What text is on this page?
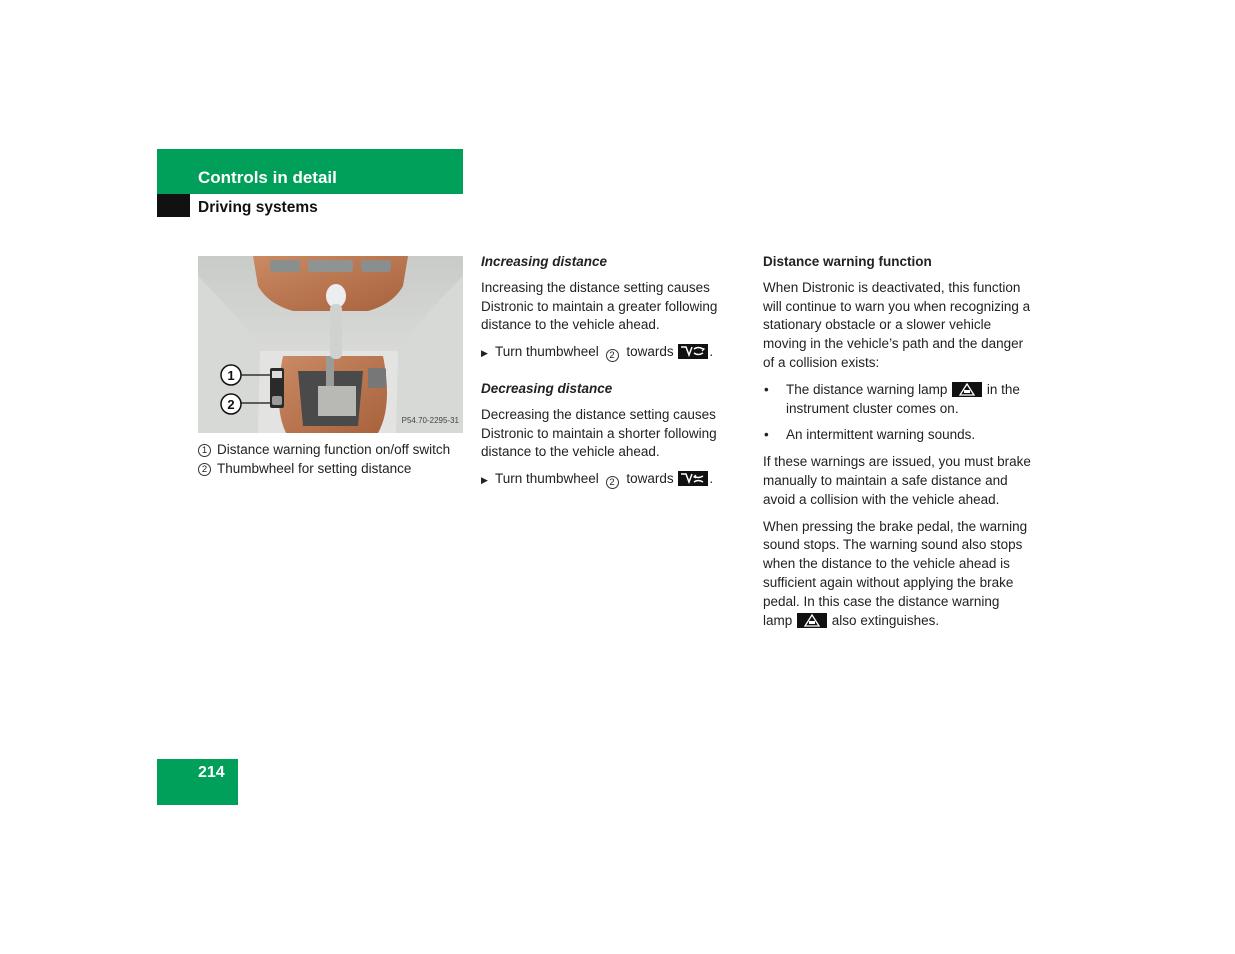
Controls in detail
Driving systems
1
2
P54.70-2295-31
1 Distance warning function on/off switch
2 Thumbwheel for setting distance
Increasing distance

Increasing the distance setting causes Distronic to maintain a greater following distance to the vehicle ahead.

▶ Turn thumbwheel 2 towards	.
Decreasing distance

Decreasing the distance setting causes Distronic to maintain a shorter following distance to the vehicle ahead.

▶ Turn thumbwheel 2 towards	.
Distance warning function

When Distronic is deactivated, this function will continue to warn you when recognizing a stationary obstacle or a slower vehicle moving in the vehicle’s path and the danger of a collision exists:

•	The distance warning lamp	in the instrument cluster comes on.
•	An intermittent warning sounds.

If these warnings are issued, you must brake manually to maintain a safe distance and avoid a collision with the vehicle ahead.

When pressing the brake pedal, the warning sound stops. The warning sound also stops when the distance to the vehicle ahead is sufficient again without applying the brake pedal. In this case the distance warning lamp	also extinguishes.

214
